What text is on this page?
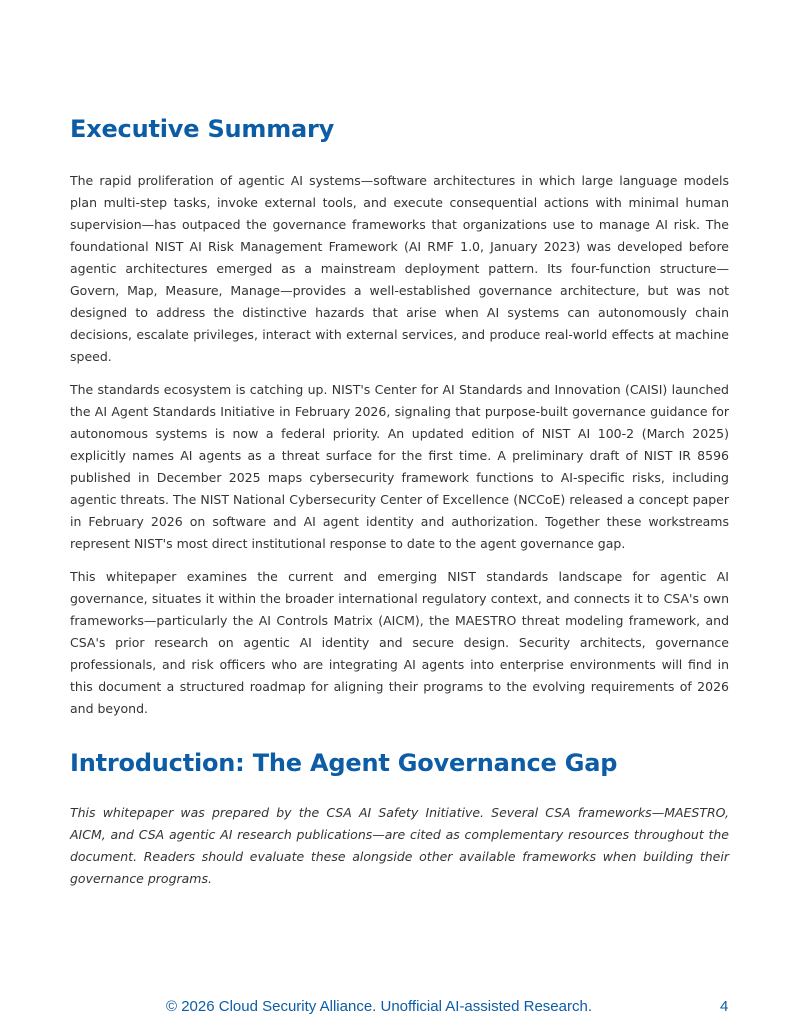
Executive Summary

The rapid proliferation of agentic AI systems—software architectures in which large language models plan multi-step tasks, invoke external tools, and execute consequential actions with minimal human supervision—has outpaced the governance frameworks that organizations use to manage AI risk. The foundational NIST AI Risk Management Framework (AI RMF 1.0, January 2023) was developed before agentic architectures emerged as a mainstream deployment pattern. Its four-function structure—Govern, Map, Measure, Manage—provides a well-established governance architecture, but was not designed to address the distinctive hazards that arise when AI systems can autonomously chain decisions, escalate privileges, interact with external services, and produce real-world effects at machine speed.

The standards ecosystem is catching up. NIST's Center for AI Standards and Innovation (CAISI) launched the AI Agent Standards Initiative in February 2026, signaling that purpose-built governance guidance for autonomous systems is now a federal priority. An updated edition of NIST AI 100-2 (March 2025) explicitly names AI agents as a threat surface for the first time. A preliminary draft of NIST IR 8596 published in December 2025 maps cybersecurity framework functions to AI-specific risks, including agentic threats. The NIST National Cybersecurity Center of Excellence (NCCoE) released a concept paper in February 2026 on software and AI agent identity and authorization. Together these workstreams represent NIST's most direct institutional response to date to the agent governance gap.

This whitepaper examines the current and emerging NIST standards landscape for agentic AI governance, situates it within the broader international regulatory context, and connects it to CSA's own frameworks—particularly the AI Controls Matrix (AICM), the MAESTRO threat modeling framework, and CSA's prior research on agentic AI identity and secure design. Security architects, governance professionals, and risk officers who are integrating AI agents into enterprise environments will find in this document a structured roadmap for aligning their programs to the evolving requirements of 2026 and beyond.

Introduction: The Agent Governance Gap

This whitepaper was prepared by the CSA AI Safety Initiative. Several CSA frameworks—MAESTRO, AICM, and CSA agentic AI research publications—are cited as complementary resources throughout the document. Readers should evaluate these alongside other available frameworks when building their governance programs.

© 2026 Cloud Security Alliance. Unofficial AI-assisted Research.	4
